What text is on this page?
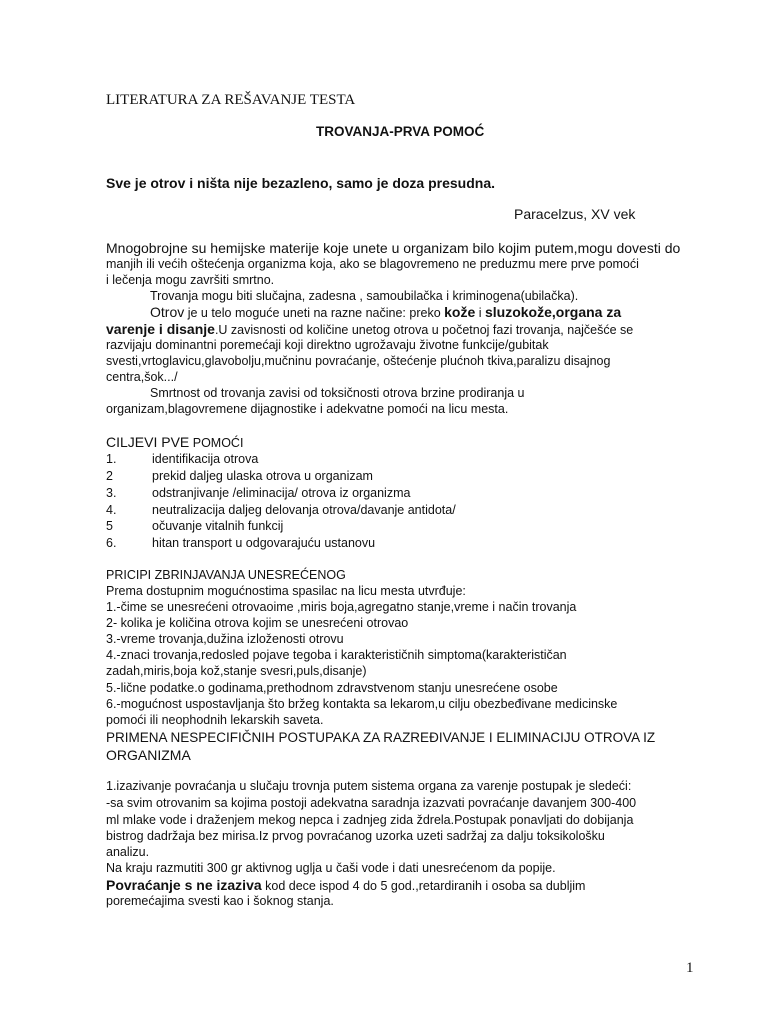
LITERATURA ZA REŠAVANJE TESTA
TROVANJA-PRVA POMOĆ
Sve je otrov i ništa nije bezazleno, samo je doza presudna.
Paracelzus, XV vek
Mnogobrojne su hemijske materije koje unete u organizam bilo kojim putem,mogu dovesti do
manjih ili većih oštećenja organizma koja, ako se blagovremeno ne preduzmu mere prve pomoći
i lečenja mogu završiti smrtno.
Trovanja mogu biti slučajna, zadesna , samoubilačka i kriminogena(ubilačka).
Otrov je u telo moguće uneti na razne načine: preko kože i sluzokože,organa za
varenje i disanje.U zavisnosti od količine unetog otrova u početnoj fazi trovanja, najčešće se
razvijaju dominantni poremećaji koji direktno ugrožavaju životne funkcije/gubitak
svesti,vrtoglavicu,glavobolju,mučninu povraćanje, oštećenje plućnoh tkiva,paralizu disajnog
centra,šok.../
Smrtnost od trovanja zavisi od toksičnosti otrova brzine prodiranja u
organizam,blagovremene dijagnostike i adekvatne pomoći na licu mesta.
CILJEVI PVE POMOĆI
1.	identifikacija otrova
2	prekid daljeg ulaska otrova u organizam
3.	odstranjivanje /eliminacija/ otrova iz organizma
4.	neutralizacija daljeg delovanja otrova/davanje antidota/
5	očuvanje vitalnih funkcij
6.	hitan transport u odgovarajuću ustanovu
PRICIPI ZBRINJAVANJA UNESREĆENOG
Prema dostupnim mogućnostima spasilac na licu mesta utvrđuje:
1.-čime se unesrećeni otrovaoime ,miris boja,agregatno stanje,vreme i način trovanja
2- kolika je količina otrova kojim se unesrećeni otrovao
3.-vreme trovanja,dužina izloženosti otrovu
4.-znaci trovanja,redosled pojave tegoba i karakterističnih simptoma(karakterističan
zadah,miris,boja kož,stanje svesri,puls,disanje)
5.-lične podatke.o godinama,prethodnom zdravstvenom stanju unesrećene osobe
6.-mogućnost uspostavljanja što bržeg kontakta sa lekarom,u cilju obezbeđivane medicinske
pomoći ili neophodnih lekarskih saveta.
PRIMENA NESPECIFIČNIH POSTUPAKA ZA RAZREĐIVANJE I ELIMINACIJU OTROVA IZ
ORGANIZMA
1.izazivanje povraćanja u slučaju trovnja putem sistema organa za varenje postupak je sledeći:
-sa svim otrovanim sa kojima postoji adekvatna saradnja izazvati povraćanje davanjem 300-400
ml mlake vode i draženjem mekog nepca i zadnjeg zida ždrela.Postupak ponavljati do dobijanja
bistrog dadržaja bez mirisa.Iz prvog povraćanog uzorka uzeti sadržaj za dalju toksikološku
analizu.
Na kraju razmutiti 300 gr aktivnog uglja u čaši vode i dati unesrećenom da popije.
Povraćanje s ne izaziva kod dece ispod 4 do 5 god.,retardiranih i osoba sa dubljim
poremećajima svesti kao i šoknog stanja.
1
